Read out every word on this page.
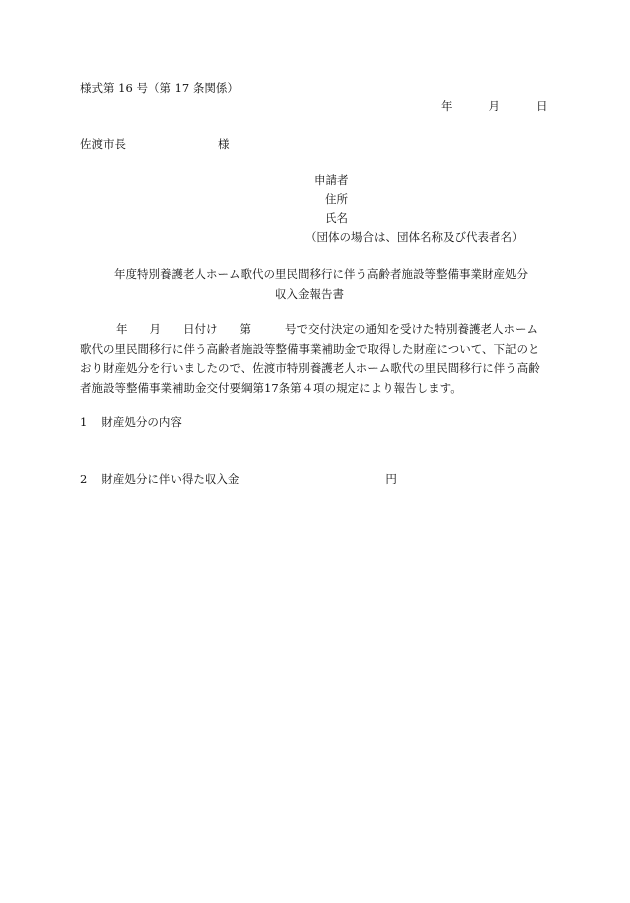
様式第 16 号（第 17 条関係）
年	月	日
佐渡市長	様
申請者
住所
氏名
（団体の場合は、団体名称及び代表者名）
年度特別養護老人ホーム歌代の里民間移行に伴う高齢者施設等整備事業財産処分
収入金報告書
年 月 日付け 第	号で交付決定の通知を受けた特別養護老人ホーム
歌代の里民間移行に伴う高齢者施設等整備事業補助金で取得した財産について、下記のと
おり財産処分を行いましたので、佐渡市特別養護老人ホーム歌代の里民間移行に伴う高齢
者施設等整備事業補助金交付要綱第17条第４項の規定により報告します。
1 財産処分の内容
2 財産処分に伴い得た収入金	円
